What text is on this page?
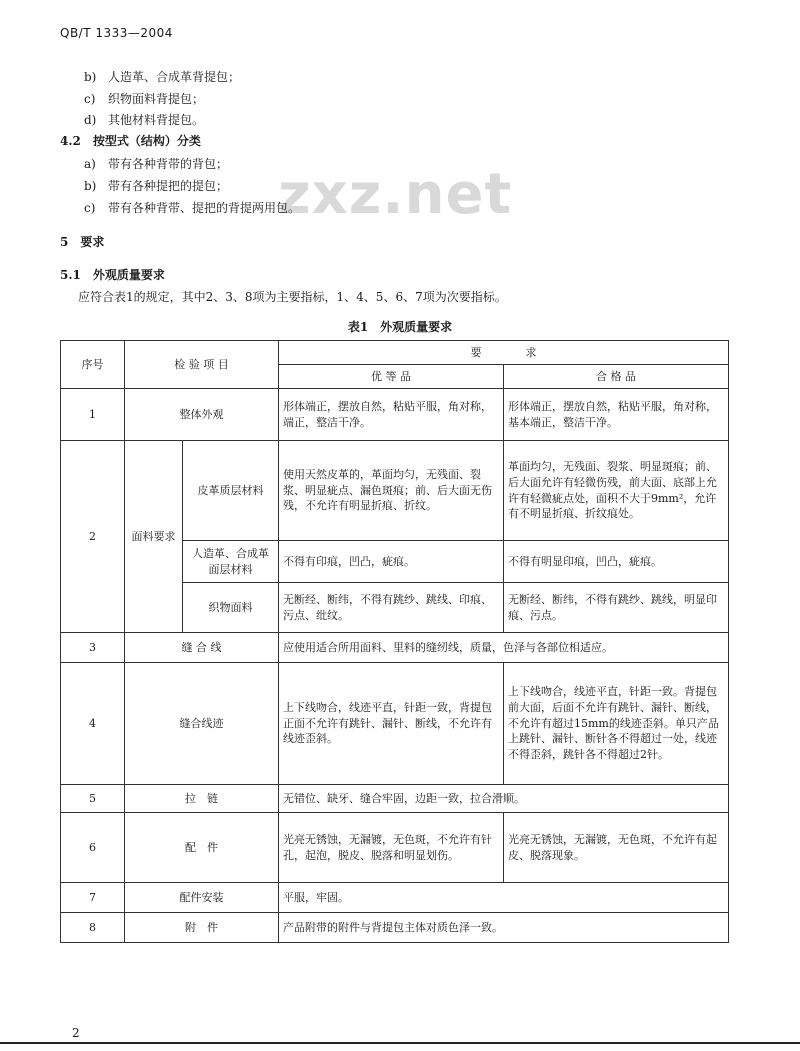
QB/T 1333—2004
zxz.net
b) 人造革、合成革背提包；
c) 织物面料背提包；
d) 其他材料背提包。
4.2　 按型式（结构）分类
a) 带有各种背带的背包；
b) 带有各种提把的提包；
c) 带有各种背带、提把的背提两用包。
5　 要求
5.1　 外观质量要求
应符合表1的规定，其中2、3、8项为主要指标，1、4、5、6、7项为次要指标。
表1　外观质量要求
序号	检 验 项 目		要　　　　求	
			优 等 品	合 格 品
1	整体外观		形体端正，摆放自然，粘贴平服，角对称，端正，整洁干净。	形体端正，摆放自然，粘贴平服，角对称，基本端正，整洁干净。
2	面料要求	皮革质层材料	使用天然皮革的，革面均匀，无残面、裂浆、明显疵点、漏色斑痕；前、后大面无伤残，不允许有明显折痕、折纹。	革面均匀，无残面、裂浆、明显斑痕；前、后大面允许有轻微伤残，前大面、底部上允许有轻微疵点处，面积不大于9mm²，允许有不明显折痕、折纹痕处。
		人造革、合成革面层材料	不得有印痕，凹凸，疵痕。	不得有明显印痕，凹凸，疵痕。
		织物面料	无断经、断纬，不得有跳纱、跳线、印痕、污点、纰纹。	无断经、断纬，不得有跳纱、跳线，明显印痕、污点。
3	缝 合 线		应使用适合所用面料、里料的缝纫线，质量，色泽与各部位相适应。	
4	缝合线迹		上下线吻合，线迹平直，针距一致，背提包正面不允许有跳针、漏针、断线，不允许有线迹歪斜。	上下线吻合，线迹平直，针距一致。背提包前大面，后面不允许有跳针、漏针、断线，不允许有超过15mm的线迹歪斜。单只产品上跳针、漏针、断针各不得超过一处，线迹不得歪斜，跳针各不得超过2针。
5	拉　链		无错位、缺牙、缝合牢固，边距一致，拉合滑顺。	
6	配　件		光亮无锈蚀，无漏镀，无色斑，不允许有针孔，起泡，脱皮、脱落和明显划伤。	光亮无锈蚀，无漏镀，无色斑，不允许有起皮、脱落现象。
7	配件安装		平服，牢固。	
8	附　件		产品附带的附件与背提包主体对质色泽一致。	
2
